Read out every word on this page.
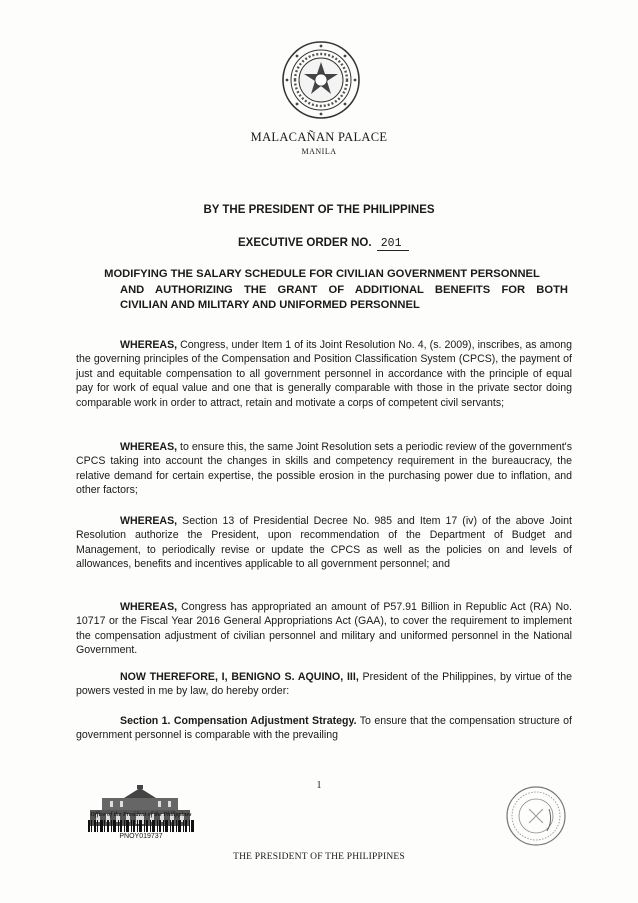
MALACAÑAN PALACE
MANILA
BY THE PRESIDENT OF THE PHILIPPINES
EXECUTIVE ORDER NO. 201
MODIFYING THE SALARY SCHEDULE FOR CIVILIAN GOVERNMENT PERSONNEL
AND AUTHORIZING THE GRANT OF ADDITIONAL BENEFITS FOR BOTH
CIVILIAN AND MILITARY AND UNIFORMED PERSONNEL
WHEREAS, Congress, under Item 1 of its Joint Resolution No. 4, (s. 2009), inscribes, as among the governing principles of the Compensation and Position Classification System (CPCS), the payment of just and equitable compensation to all government personnel in accordance with the principle of equal pay for work of equal value and one that is generally comparable with those in the private sector doing comparable work in order to attract, retain and motivate a corps of competent civil servants;
WHEREAS, to ensure this, the same Joint Resolution sets a periodic review of the government's CPCS taking into account the changes in skills and competency requirement in the bureaucracy, the relative demand for certain expertise, the possible erosion in the purchasing power due to inflation, and other factors;
WHEREAS, Section 13 of Presidential Decree No. 985 and Item 17 (iv) of the above Joint Resolution authorize the President, upon recommendation of the Department of Budget and Management, to periodically revise or update the CPCS as well as the policies on and levels of allowances, benefits and incentives applicable to all government personnel; and
WHEREAS, Congress has appropriated an amount of P57.91 Billion in Republic Act (RA) No. 10717 or the Fiscal Year 2016 General Appropriations Act (GAA), to cover the requirement to implement the compensation adjustment of civilian personnel and military and uniformed personnel in the National Government.
NOW THEREFORE, I, BENIGNO S. AQUINO, III, President of the Philippines, by virtue of the powers vested in me by law, do hereby order:
Section 1. Compensation Adjustment Strategy. To ensure that the compensation structure of government personnel is comparable with the prevailing
1
Office of the President of the Philippines
PNOY019737
THE PRESIDENT OF THE PHILIPPINES
